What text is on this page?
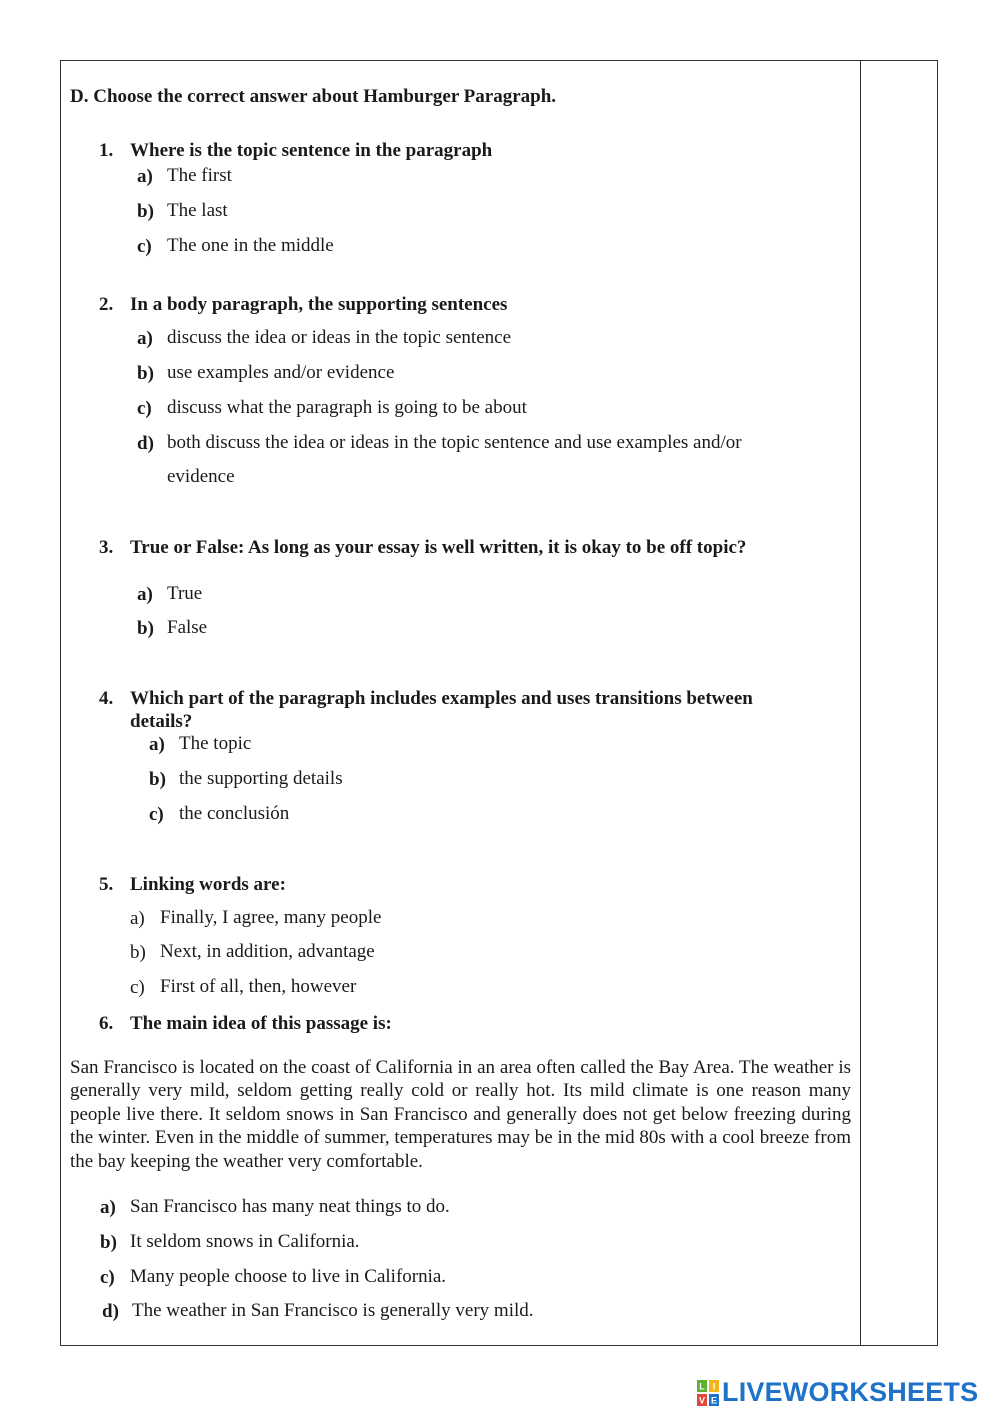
D. Choose the correct answer about Hamburger Paragraph.
1. Where is the topic sentence in the paragraph
a) The first
b) The last
c) The one in the middle
2. In a body paragraph, the supporting sentences
a) discuss the idea or ideas in the topic sentence
b) use examples and/or evidence
c) discuss what the paragraph is going to be about
d) both discuss the idea or ideas in the topic sentence and use examples and/or
evidence
3. True or False: As long as your essay is well written, it is okay to be off topic?
a) True
b) False
4. Which part of the paragraph includes examples and uses transitions between
details?
a) The topic
b) the supporting details
c) the conclusión
5. Linking words are:
a) Finally, I agree, many people
b) Next, in addition, advantage
c) First of all, then, however
6. The main idea of this passage is:
San Francisco is located on the coast of California in an area often called the Bay Area. The weather is generally very mild, seldom getting really cold or really hot. Its mild climate is one reason many people live there. It seldom snows in San Francisco and generally does not get below freezing during the winter. Even in the middle of summer, temperatures may be in the mid 80s with a cool breeze from the bay keeping the weather very comfortable.
a) San Francisco has many neat things to do.
b) It seldom snows in California.
c) Many people choose to live in California.
d) The weather in San Francisco is generally very mild.
L I
V E LIVEWORKSHEETS
